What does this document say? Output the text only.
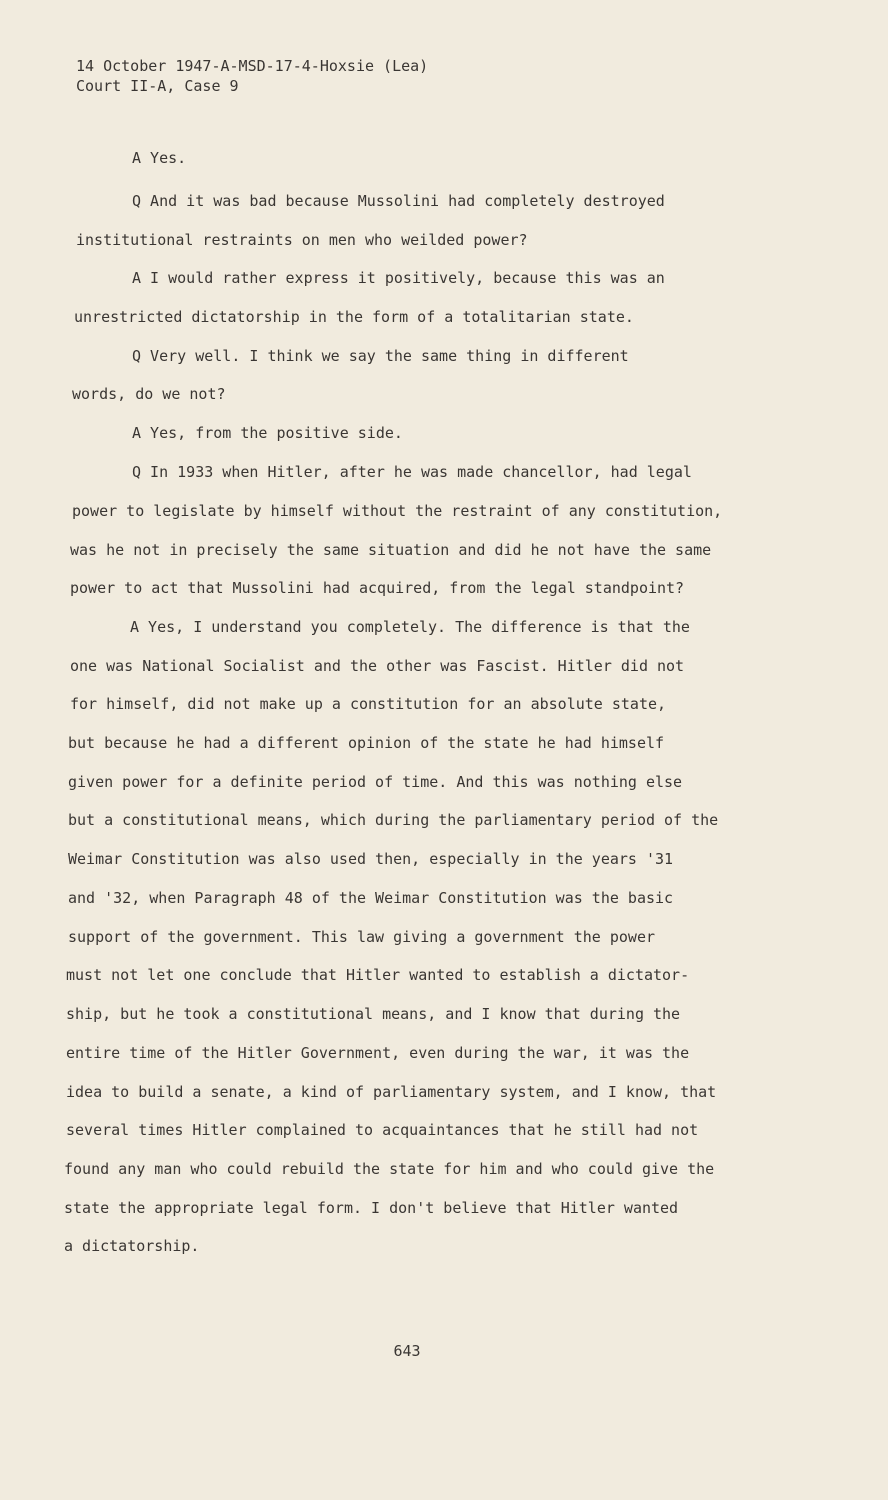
14 October 1947-A-MSD-17-4-Hoxsie (Lea)
Court II-A, Case 9
A Yes.
Q And it was bad because Mussolini had completely destroyed
institutional restraints on men who weilded power?
A I would rather express it positively, because this was an
unrestricted dictatorship in the form of a totalitarian state.
Q Very well. I think we say the same thing in different
words, do we not?
A Yes, from the positive side.
Q In 1933 when Hitler, after he was made chancellor, had legal
power to legislate by himself without the restraint of any constitution,
was he not in precisely the same situation and did he not have the same
power to act that Mussolini had acquired, from the legal standpoint?
A Yes, I understand you completely. The difference is that the
one was National Socialist and the other was Fascist. Hitler did not
for himself, did not make up a constitution for an absolute state,
but because he had a different opinion of the state he had himself
given power for a definite period of time. And this was nothing else
but a constitutional means, which during the parliamentary period of the
Weimar Constitution was also used then, especially in the years '31
and '32, when Paragraph 48 of the Weimar Constitution was the basic
support of the government. This law giving a government the power
must not let one conclude that Hitler wanted to establish a dictator-
ship, but he took a constitutional means, and I know that during the
entire time of the Hitler Government, even during the war, it was the
idea to build a senate, a kind of parliamentary system, and I know, that
several times Hitler complained to acquaintances that he still had not
found any man who could rebuild the state for him and who could give the
state the appropriate legal form. I don't believe that Hitler wanted
a dictatorship.
643
